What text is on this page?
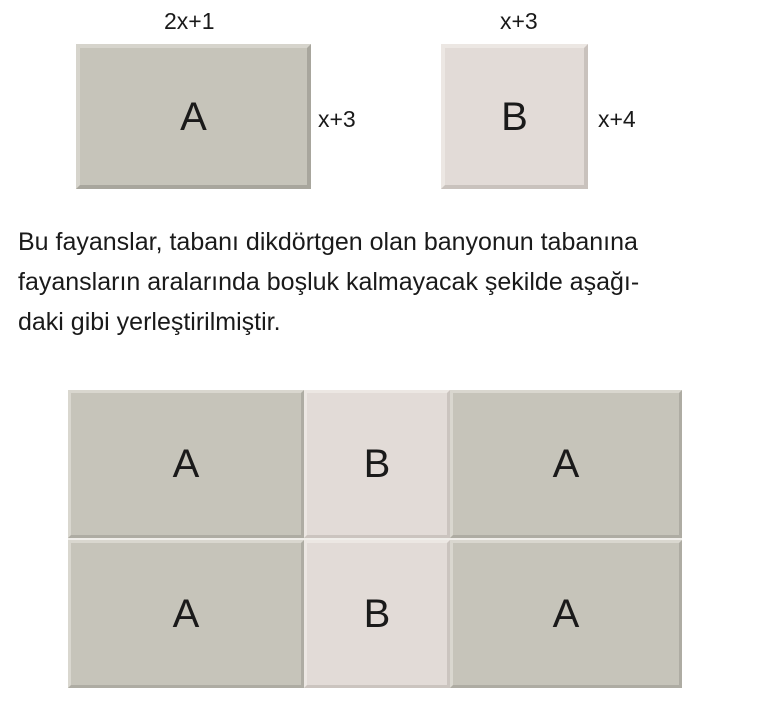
2x+1
A	x+3
x+3
B	x+4
Bu fayanslar, tabanı dikdörtgen olan banyonun tabanına
fayansların aralarında boşluk kalmayacak şekilde aşağı-
daki gibi yerleştirilmiştir.
A	B	A
A	B	A
